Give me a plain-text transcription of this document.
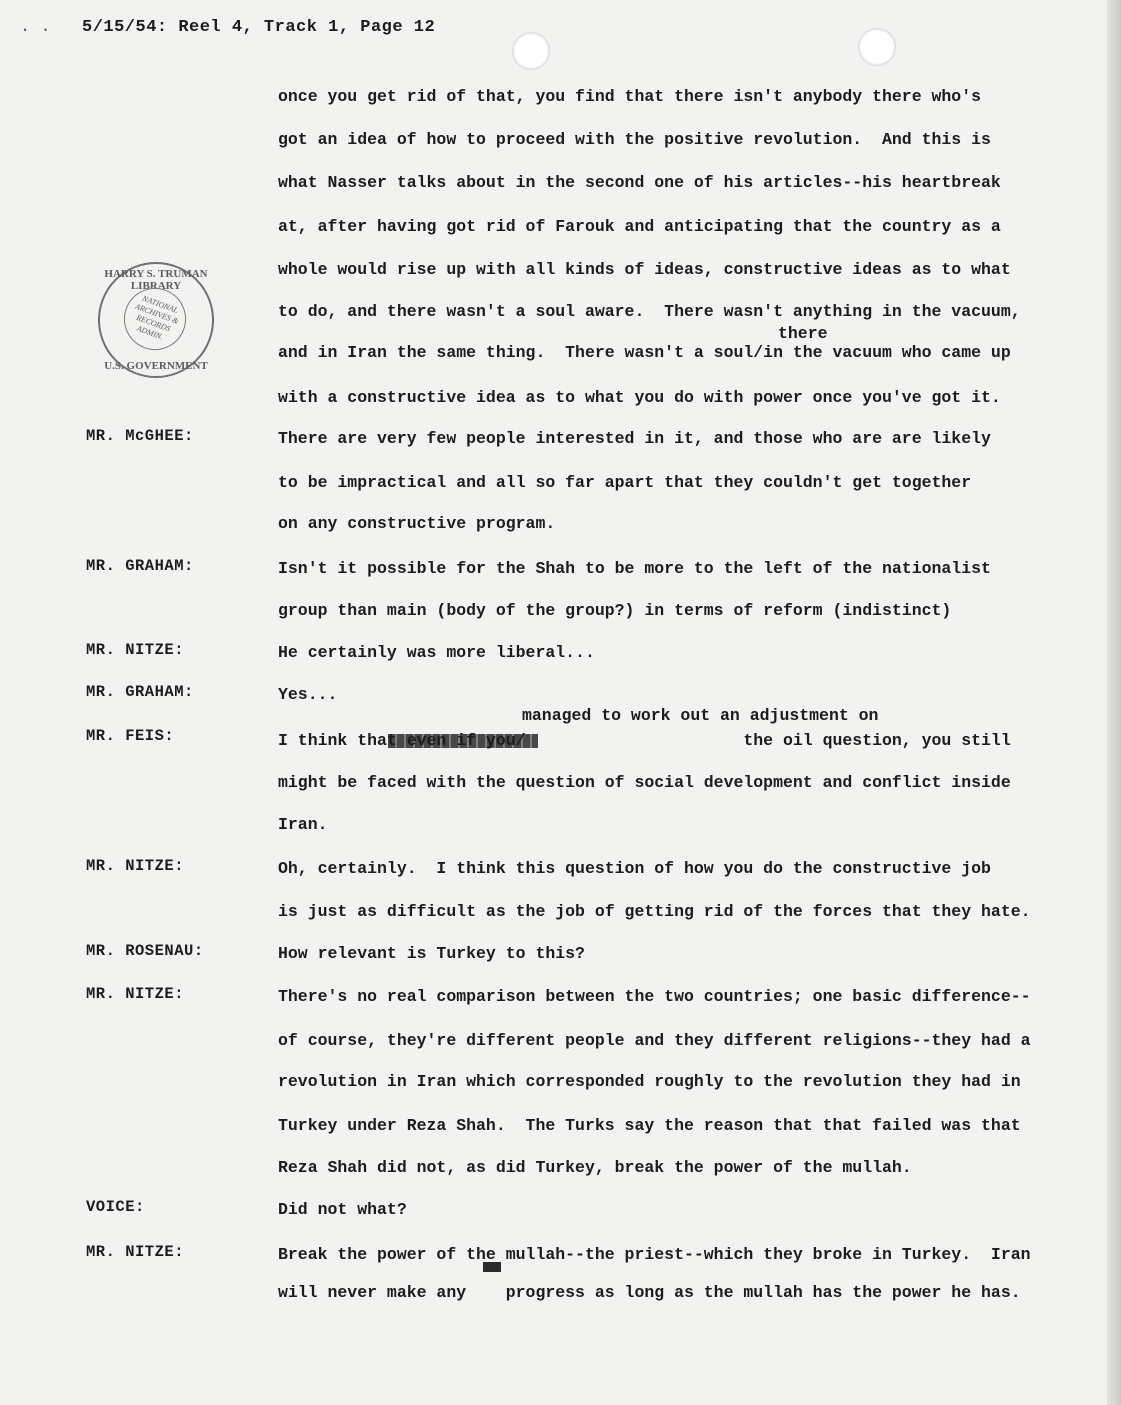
. . 5/15/54: Reel 4, Track 1, Page 12
HARRY S. TRUMAN LIBRARY
NATIONAL ARCHIVES & RECORDS ADMIN.
U.S. GOVERNMENT
there
managed to work out an adjustment on
MR. McGHEE:
MR. GRAHAM:
MR. NITZE:
MR. GRAHAM:
MR. FEIS:
MR. NITZE:
MR. ROSENAU:
MR. NITZE:
VOICE:
MR. NITZE:
once you get rid of that, you find that there isn't anybody there who's
got an idea of how to proceed with the positive revolution.  And this is
what Nasser talks about in the second one of his articles--his heartbreak
at, after having got rid of Farouk and anticipating that the country as a
whole would rise up with all kinds of ideas, constructive ideas as to what
to do, and there wasn't a soul aware.  There wasn't anything in the vacuum,
and in Iran the same thing.  There wasn't a soul/in the vacuum who came up
with a constructive idea as to what you do with power once you've got it.
There are very few people interested in it, and those who are are likely
to be impractical and all so far apart that they couldn't get together
on any constructive program.
Isn't it possible for the Shah to be more to the left of the nationalist
group than main (body of the group?) in terms of reform (indistinct)
He certainly was more liberal...
Yes...
I think that even if you/                      the oil question, you still
might be faced with the question of social development and conflict inside
Iran.
Oh, certainly.  I think this question of how you do the constructive job
is just as difficult as the job of getting rid of the forces that they hate.
How relevant is Turkey to this?
There's no real comparison between the two countries; one basic difference--
of course, they're different people and they different religions--they had a
revolution in Iran which corresponded roughly to the revolution they had in
Turkey under Reza Shah.  The Turks say the reason that that failed was that
Reza Shah did not, as did Turkey, break the power of the mullah.
Did not what?
Break the power of the mullah--the priest--which they broke in Turkey.  Iran
will never make any    progress as long as the mullah has the power he has.
